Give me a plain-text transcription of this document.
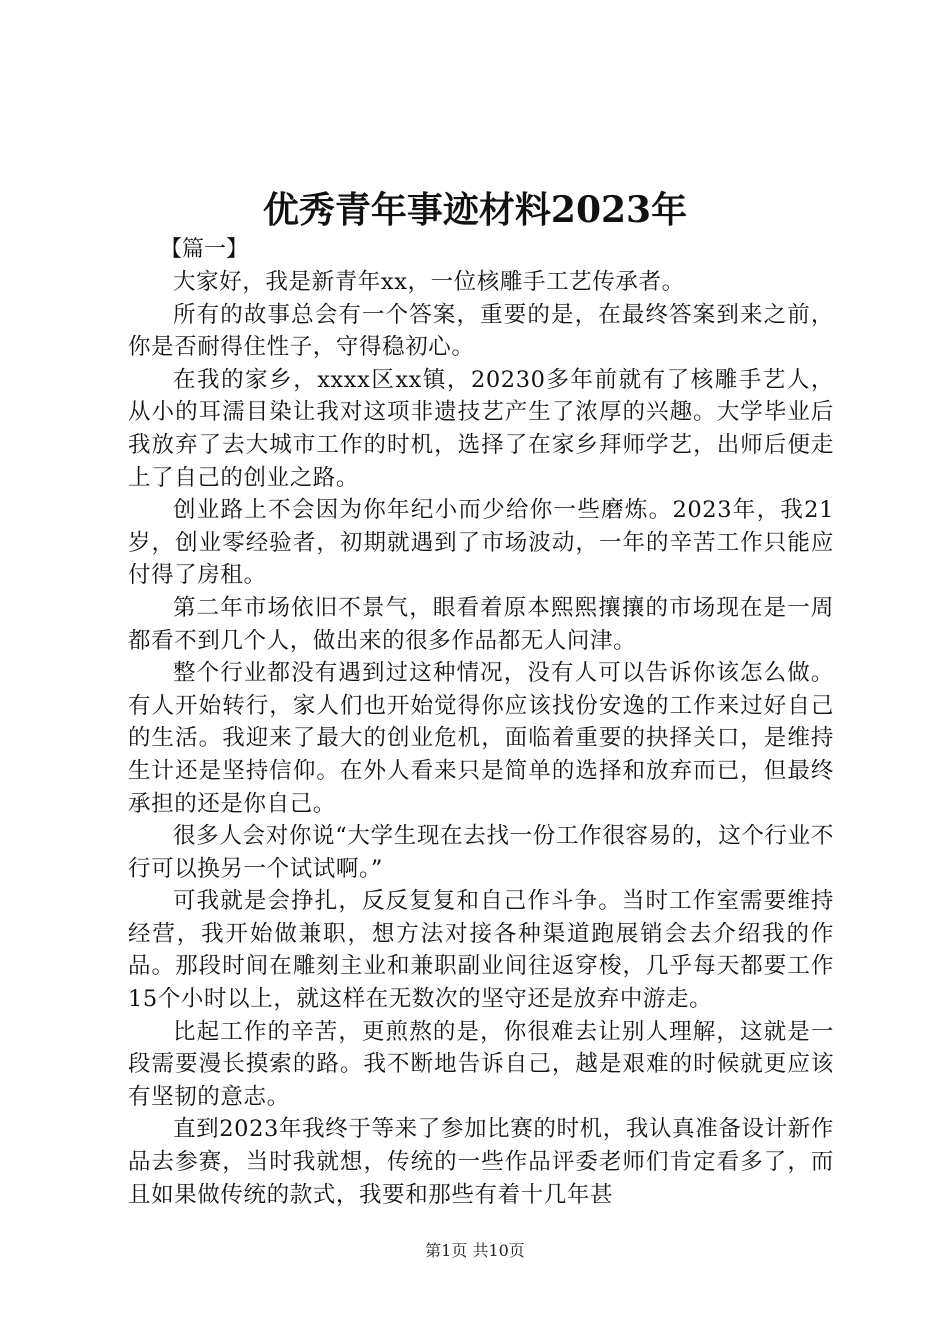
优秀青年事迹材料2023年
【篇一】

大家好，我是新青年xx，一位核雕手工艺传承者。

所有的故事总会有一个答案，重要的是，在最终答案到来之前，你是否耐得住性子，守得稳初心。

在我的家乡，xxxx区xx镇，20230多年前就有了核雕手艺人，从小的耳濡目染让我对这项非遗技艺产生了浓厚的兴趣。大学毕业后我放弃了去大城市工作的时机，选择了在家乡拜师学艺，出师后便走上了自己的创业之路。

创业路上不会因为你年纪小而少给你一些磨炼。2023年，我21岁，创业零经验者，初期就遇到了市场波动，一年的辛苦工作只能应付得了房租。

第二年市场依旧不景气，眼看着原本熙熙攘攘的市场现在是一周都看不到几个人，做出来的很多作品都无人问津。

整个行业都没有遇到过这种情况，没有人可以告诉你该怎么做。有人开始转行，家人们也开始觉得你应该找份安逸的工作来过好自己的生活。我迎来了最大的创业危机，面临着重要的抉择关口，是维持生计还是坚持信仰。在外人看来只是简单的选择和放弃而已，但最终承担的还是你自己。

很多人会对你说“大学生现在去找一份工作很容易的，这个行业不行可以换另一个试试啊。”

可我就是会挣扎，反反复复和自己作斗争。当时工作室需要维持经营，我开始做兼职，想方法对接各种渠道跑展销会去介绍我的作品。那段时间在雕刻主业和兼职副业间往返穿梭，几乎每天都要工作15个小时以上，就这样在无数次的坚守还是放弃中游走。

比起工作的辛苦，更煎熬的是，你很难去让别人理解，这就是一段需要漫长摸索的路。我不断地告诉自己，越是艰难的时候就更应该有坚韧的意志。

直到2023年我终于等来了参加比赛的时机，我认真准备设计新作品去参赛，当时我就想，传统的一些作品评委老师们肯定看多了，而且如果做传统的款式，我要和那些有着十几年甚

第1页 共10页
